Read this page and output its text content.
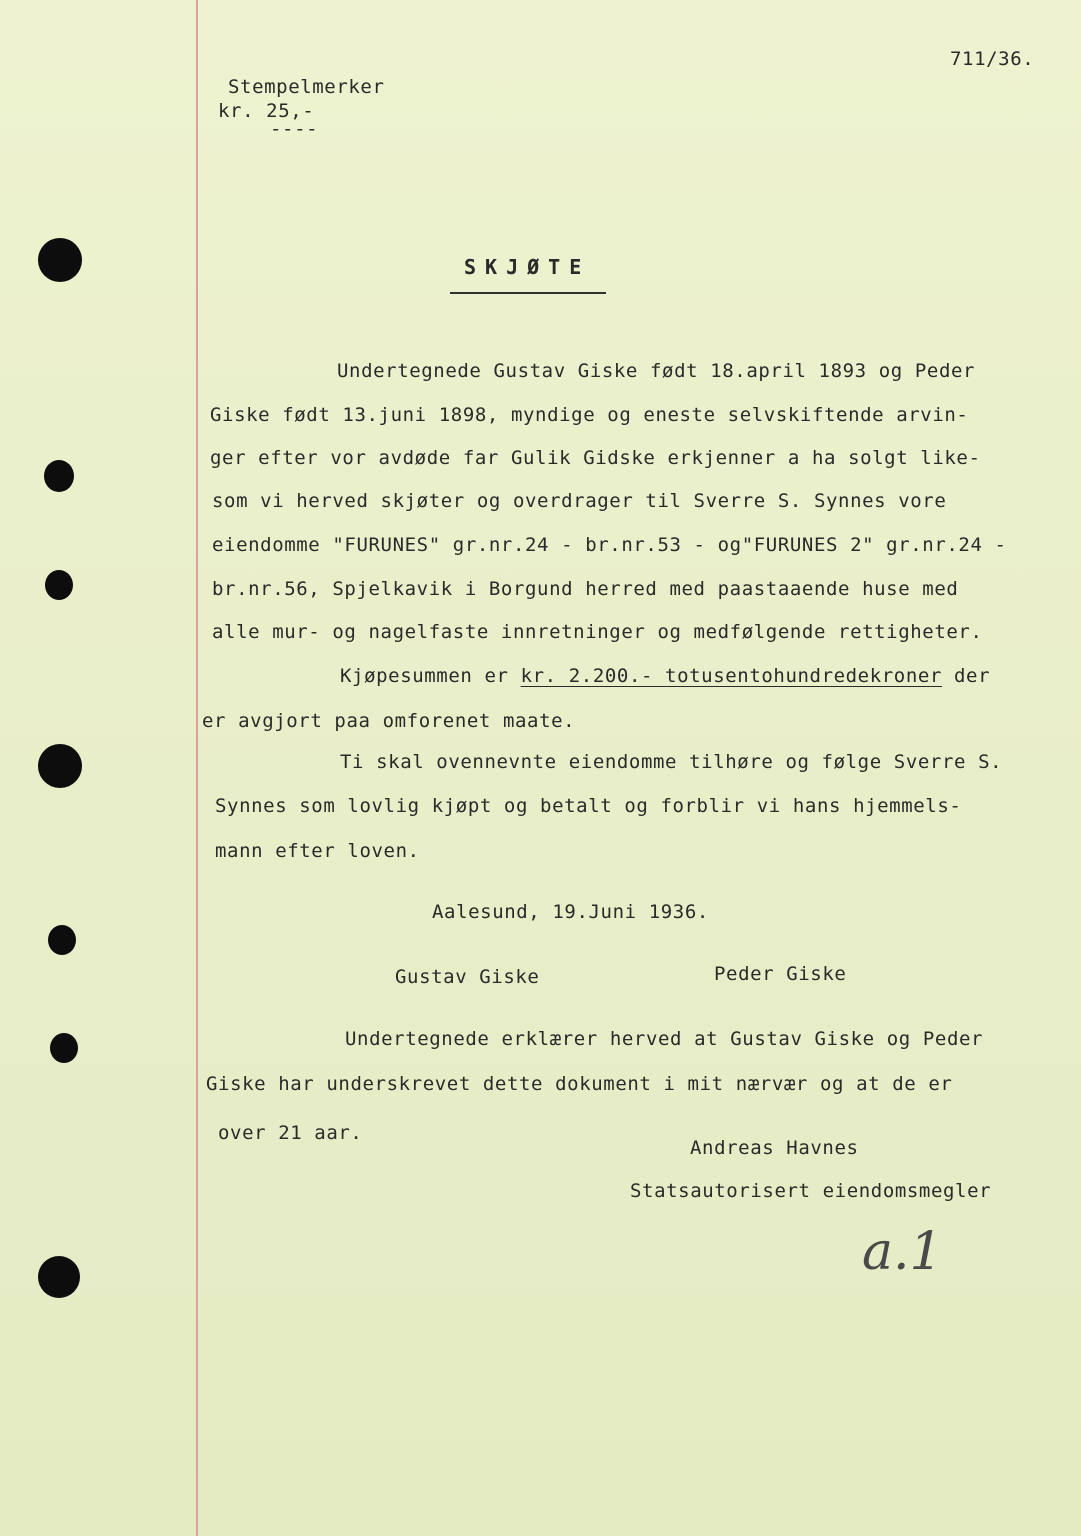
711/36.
Stempelmerker
kr. 25,-
----
SKJØTE
Undertegnede Gustav Giske født 18.april 1893 og Peder
Giske født 13.juni 1898, myndige og eneste selvskiftende arvin-
ger efter vor avdøde far Gulik Gidske erkjenner a ha solgt like-
som vi herved skjøter og overdrager til Sverre S. Synnes vore
eiendomme "FURUNES" gr.nr.24 - br.nr.53 - og"FURUNES 2" gr.nr.24 -
br.nr.56, Spjelkavik i Borgund herred med paastaaende huse med
alle mur- og nagelfaste innretninger og medfølgende rettigheter.
Kjøpesummen er kr. 2.200.- totusentohundredekroner der
er avgjort paa omforenet maate.
Ti skal ovennevnte eiendomme tilhøre og følge Sverre S.
Synnes som lovlig kjøpt og betalt og forblir vi hans hjemmels-
mann efter loven.
Aalesund, 19.Juni 1936.
Gustav Giske	Peder Giske
Undertegnede erklærer herved at Gustav Giske og Peder
Giske har underskrevet dette dokument i mit nærvær og at de er
over 21 aar.
Andreas Havnes
Statsautorisert eiendomsmegler
a.1
